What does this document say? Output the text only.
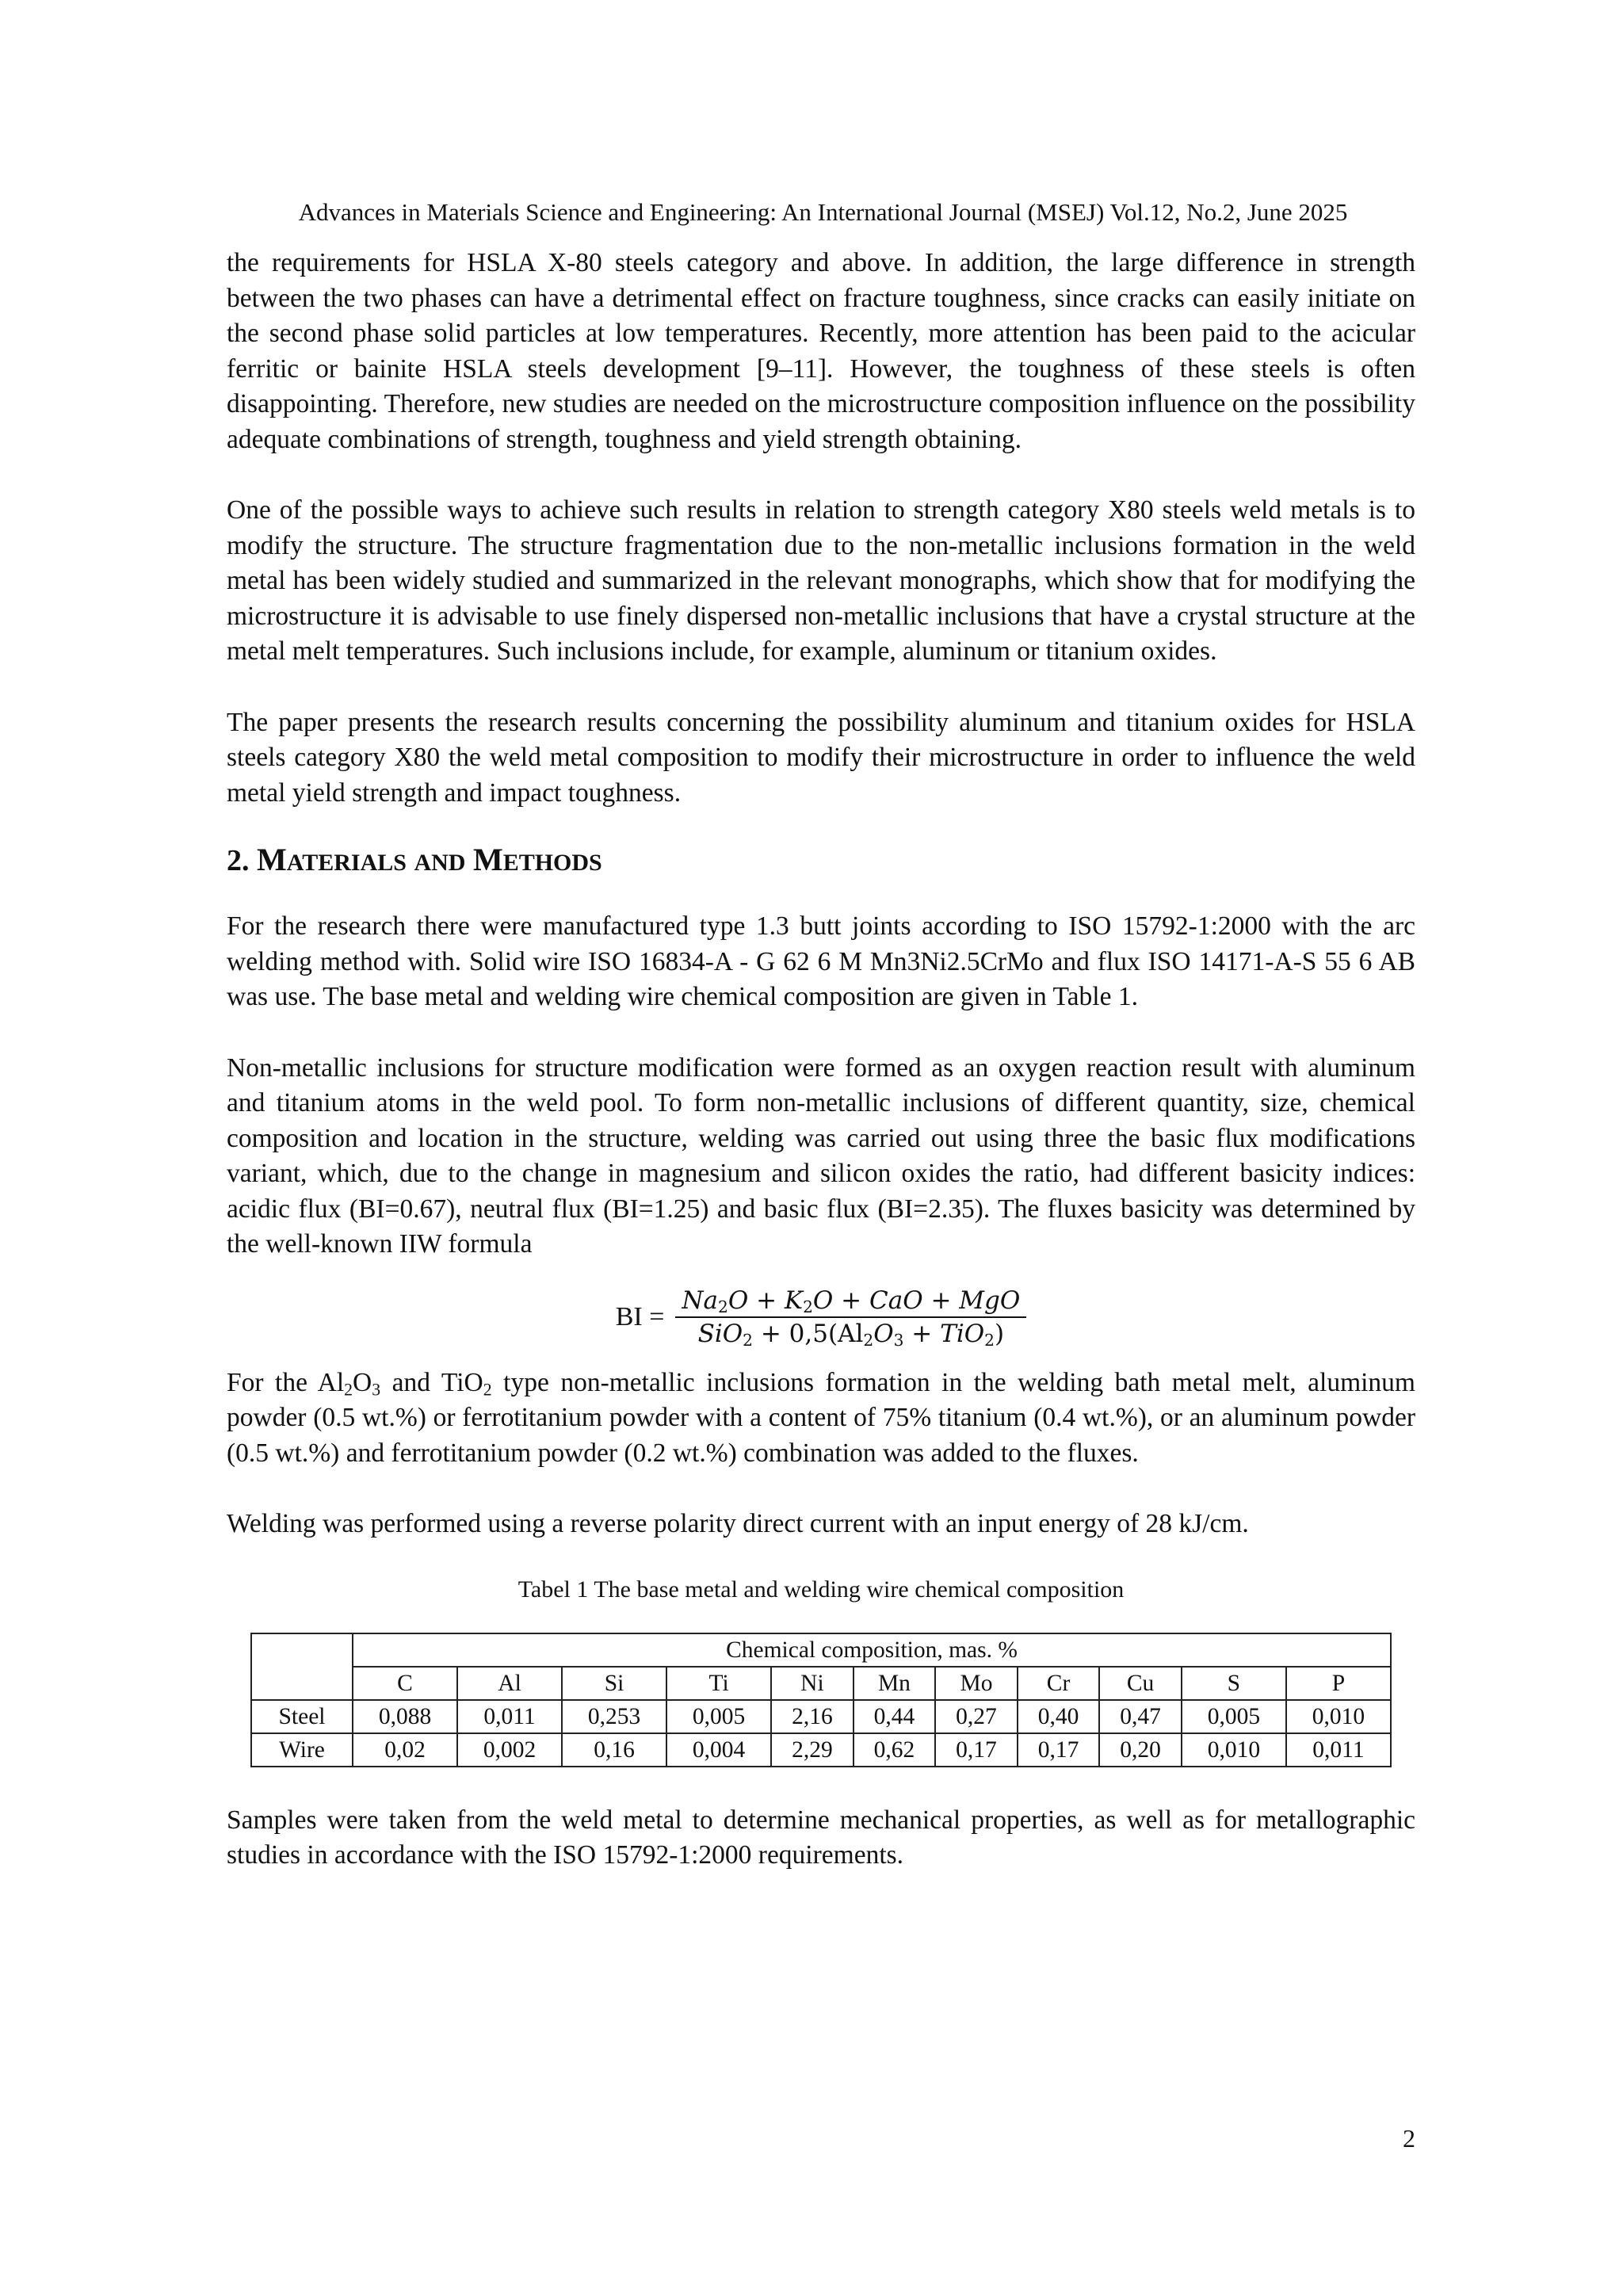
Advances in Materials Science and Engineering: An International Journal (MSEJ) Vol.12, No.2, June 2025

the requirements for HSLA X-80 steels category and above. In addition, the large difference in strength between the two phases can have a detrimental effect on fracture toughness, since cracks can easily initiate on the second phase solid particles at low temperatures. Recently, more attention has been paid to the acicular ferritic or bainite HSLA steels development [9–11]. However, the toughness of these steels is often disappointing. Therefore, new studies are needed on the microstructure composition influence on the possibility adequate combinations of strength, toughness and yield strength obtaining.

One of the possible ways to achieve such results in relation to strength category X80 steels weld metals is to modify the structure. The structure fragmentation due to the non-metallic inclusions formation in the weld metal has been widely studied and summarized in the relevant monographs, which show that for modifying the microstructure it is advisable to use finely dispersed non-metallic inclusions that have a crystal structure at the metal melt temperatures. Such inclusions include, for example, aluminum or titanium oxides.

The paper presents the research results concerning the possibility aluminum and titanium oxides for HSLA steels category X80 the weld metal composition to modify their microstructure in order to influence the weld metal yield strength and impact toughness.

2. MATERIALS AND METHODS

For the research there were manufactured type 1.3 butt joints according to ISO 15792-1:2000 with the arc welding method with. Solid wire ISO 16834-A - G 62 6 M Mn3Ni2.5CrMo and flux ISO 14171-A-S 55 6 AB was use. The base metal and welding wire chemical composition are given in Table 1.

Non-metallic inclusions for structure modification were formed as an oxygen reaction result with aluminum and titanium atoms in the weld pool. To form non-metallic inclusions of different quantity, size, chemical composition and location in the structure, welding was carried out using three the basic flux modifications variant, which, due to the change in magnesium and silicon oxides the ratio, had different basicity indices: acidic flux (BI=0.67), neutral flux (BI=1.25) and basic flux (BI=2.35). The fluxes basicity was determined by the well-known IIW formula

BI = $\frac{Na_2O + K_2O + CaO + MgO}{SiO_2 + 0,5(Al_2O_3 + TiO_2)}$

For the $Al_2O_3$ and TiO$_2$ type non-metallic inclusions formation in the welding bath metal melt, aluminum powder (0.5 wt.%) or ferrotitanium powder with a content of 75% titanium (0.4 wt.%), or an aluminum powder (0.5 wt.%) and ferrotitanium powder (0.2 wt.%) combination was added to the fluxes.

Welding was performed using a reverse polarity direct current with an input energy of 28 kJ/cm.

Tabel 1 The base metal and welding wire chemical composition
	Chemical composition, mas. %										
	C	Al	Si	Ti	Ni	Mn	Mo	Cr	Cu	S	P
Steel	0,088	0,011	0,253	0,005	2,16	0,44	0,27	0,40	0,47	0,005	0,010
Wire	0,02	0,002	0,16	0,004	2,29	0,62	0,17	0,17	0,20	0,010	0,011

Samples were taken from the weld metal to determine mechanical properties, as well as for metallographic studies in accordance with the ISO 15792-1:2000 requirements.

2
